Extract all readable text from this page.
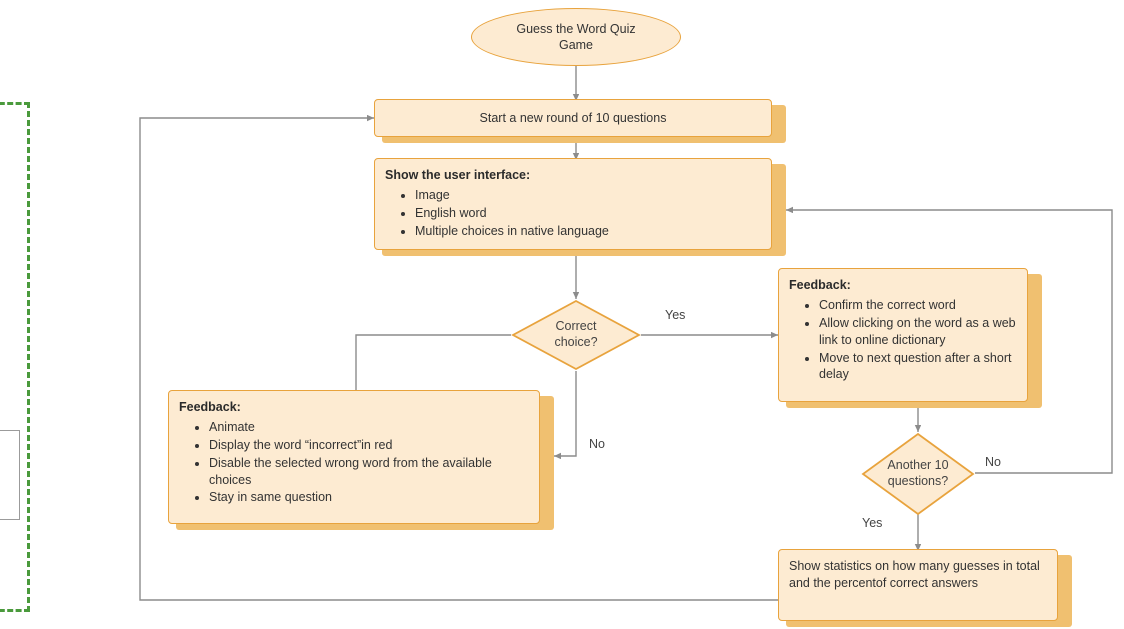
Guess the Word Quiz
Game
Start a new round of 10 questions
Show the user interface:
• Image
• English word
• Multiple choices in native language
Correct
choice?
Yes
No
Feedback:
• Confirm the correct word
• Allow clicking on the word as a web link to online dictionary
• Move to next question after a short delay
Feedback:
• Animate
• Display the word “incorrect”in red
• Disable the selected wrong word from the available choices
• Stay in same question
Another 10
questions?
No
Yes
Show statistics on how many guesses in total and the percentof correct answers
